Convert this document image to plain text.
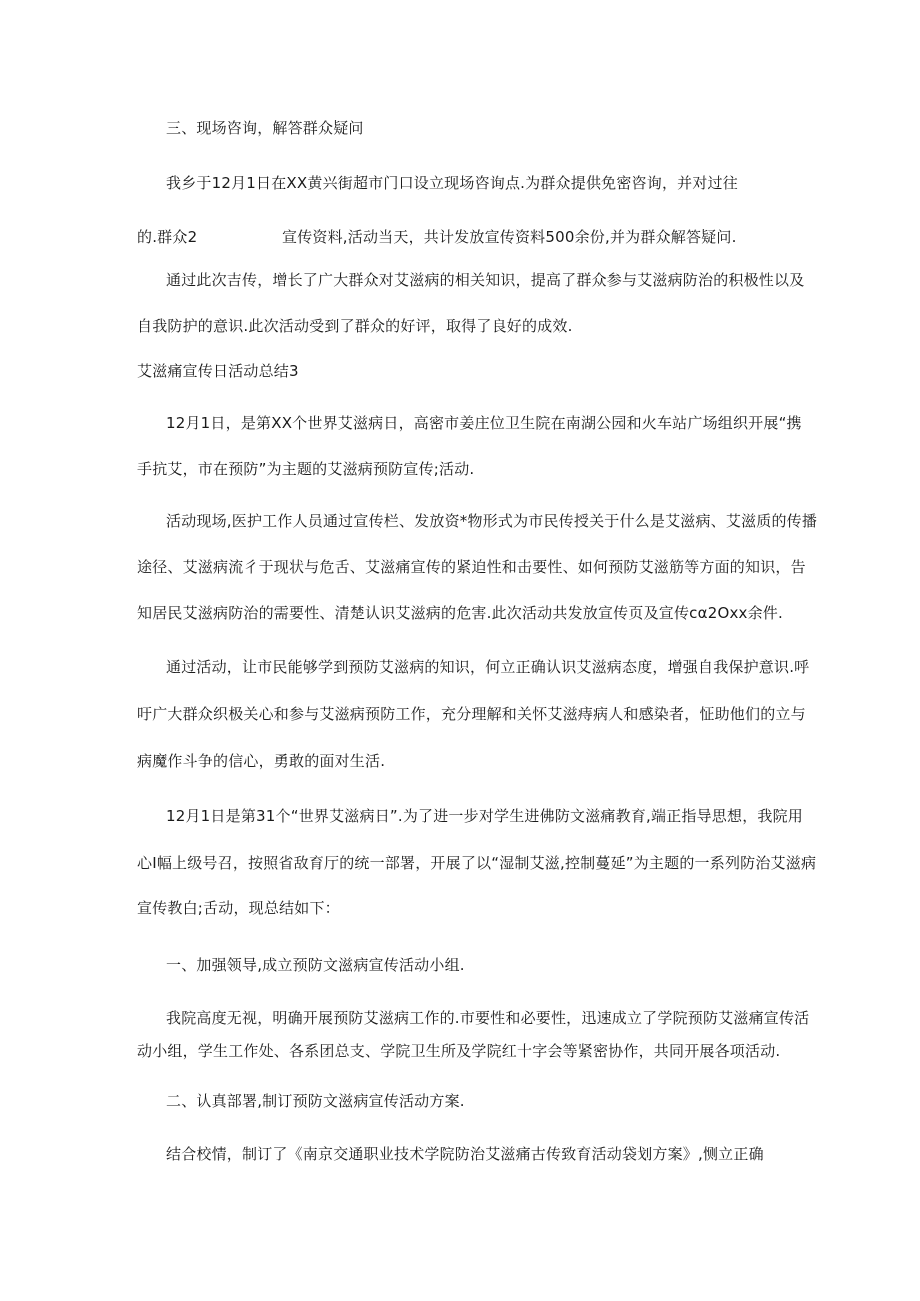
三、现场咨询，解答群众疑问
我乡于12月1日在XX黄兴街超市门口设立现场咨询点.为群众提供免密咨询，并对过往
的.群众2	宣传资料,活动当天，共计发放宣传资料500余份,并为群众解答疑问.
通过此次吉传，增长了广大群众对艾滋病的相关知识，提高了群众参与艾滋病防治的积极性以及
自我防护的意识.此次活动受到了群众的好评，取得了良好的成效.
艾滋痛宣传日活动总结3
12月1日，是第XX个世界艾滋病日，高密市姜庄位卫生院在南湖公园和火车站广场组织开展“携
手抗艾，市在预防”为主题的艾滋病预防宣传;活动.
活动现场,医护工作人员通过宣传栏、发放资*物形式为市民传授关于什么是艾滋病、艾滋质的传播
途径、艾滋病流彳于现状与危舌、艾滋痛宣传的紧迫性和击要性、如何预防艾滋筋等方面的知识，告
知居民艾滋病防治的需要性、清楚认识艾滋病的危害.此次活动共发放宣传页及宣传cα2Oxx余件.
通过活动，让市民能够学到预防艾滋病的知识，何立正确认识艾滋病态度，增强自我保护意识.呼
吁广大群众织极关心和参与艾滋病预防工作，充分理解和关怀艾滋痔病人和感染者，怔助他们的立与
病魔作斗争的信心，勇敢的面对生活.
12月1日是第31个“世界艾滋病日”.为了进一步对学生进佛防文滋痛教育,端正指导思想，我院用
心I幅上级号召，按照省敌育厅的统一部署，开展了以“湿制艾滋,控制蔓延”为主题的一系列防治艾滋病
宣传教白;舌动，现总结如下：
一、加强领导,成立预防文滋病宣传活动小组.
我院高度无视，明确开展预防艾滋病工作的.市要性和必要性，迅速成立了学院预防艾滋痛宣传活
动小组，学生工作处、各系团总支、学院卫生所及学院红十字会等紧密协作，共同开展各项活动.
二、认真部署,制订预防文滋病宣传活动方案.
结合校情，制订了《南京交通职业技术学院防治艾滋痛古传致育活动袋划方案》,恻立正确
